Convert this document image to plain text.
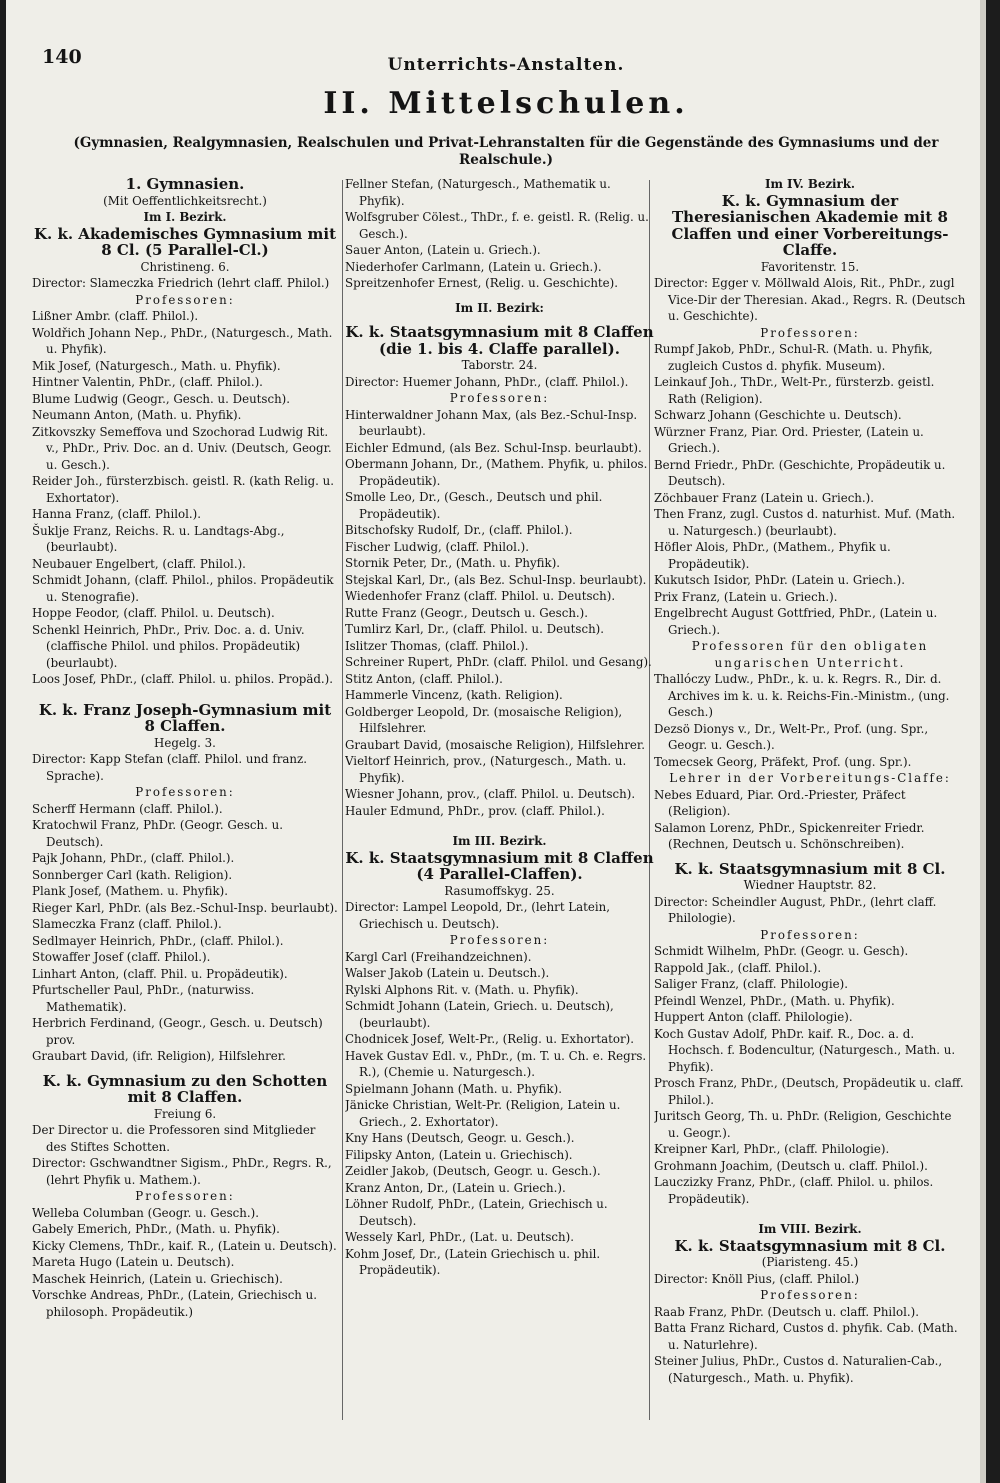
140	Unterrichts-Anstalten.
II. Mittelschulen.
(Gymnasien, Realgymnasien, Realschulen und Privat-Lehranstalten für die Gegenstände des Gymnasiums und der Realschule.)
1. Gymnasien.
(Mit Oeffentlichkeitsrecht.)
Im I. Bezirk.
K. k. Akademisches Gymnasium mit 8 Cl. (5 Parallel-Cl.)
Christineng. 6.
Director: Slameczka Friedrich (lehrt claff. Philol.)
Professoren:
Lißner Ambr. (claff. Philol.).
Woldřich Johann Nep., PhDr., (Naturgesch., Math. u. Phyfik).
Mik Josef, (Naturgesch., Math. u. Phyfik).
Hintner Valentin, PhDr., (claff. Philol.).
Blume Ludwig (Geogr., Gesch. u. Deutsch).
Neumann Anton, (Math. u. Phyfik).
Zitkovszky Semeffova und Szochorad Ludwig Rit. v., PhDr., Priv. Doc. an d. Univ. (Deutsch, Geogr. u. Gesch.).
Reider Joh., fürsterzbisch. geistl. R. (kath Relig. u. Exhortator).
Hanna Franz, (claff. Philol.).
Šuklje Franz, Reichs. R. u. Landtags-Abg., (beurlaubt).
Neubauer Engelbert, (claff. Philol.).
Schmidt Johann, (claff. Philol., philos. Propädeutik u. Stenografie).
Hoppe Feodor, (claff. Philol. u. Deutsch).
Schenkl Heinrich, PhDr., Priv. Doc. a. d. Univ. (claffische Philol. und philos. Propädeutik) (beurlaubt).
Loos Josef, PhDr., (claff. Philol. u. philos. Propäd.).
K. k. Franz Joseph-Gymnasium mit 8 Claffen.
Hegelg. 3.
Director: Kapp Stefan (claff. Philol. und franz. Sprache).
Professoren:
Scherff Hermann (claff. Philol.).
Kratochwil Franz, PhDr. (Geogr. Gesch. u. Deutsch).
Pajk Johann, PhDr., (claff. Philol.).
Sonnberger Carl (kath. Religion).
Plank Josef, (Mathem. u. Phyfik).
Rieger Karl, PhDr. (als Bez.-Schul-Insp. beurlaubt).
Slameczka Franz (claff. Philol.).
Sedlmayer Heinrich, PhDr., (claff. Philol.).
Stowaffer Josef (claff. Philol.).
Linhart Anton, (claff. Phil. u. Propädeutik).
Pfurtscheller Paul, PhDr., (naturwiss. Mathematik).
Herbrich Ferdinand, (Geogr., Gesch. u. Deutsch) prov.
Graubart David, (ifr. Religion), Hilfslehrer.
K. k. Gymnasium zu den Schotten mit 8 Claffen.
Freiung 6.
Der Director u. die Professoren sind Mitglieder des Stiftes Schotten.
Director: Gschwandtner Sigism., PhDr., Regrs. R., (lehrt Phyfik u. Mathem.).
Professoren:
Welleba Columban (Geogr. u. Gesch.).
Gabely Emerich, PhDr., (Math. u. Phyfik).
Kicky Clemens, ThDr., kaif. R., (Latein u. Deutsch).
Mareta Hugo (Latein u. Deutsch).
Maschek Heinrich, (Latein u. Griechisch).
Vorschke Andreas, PhDr., (Latein, Griechisch u. philosoph. Propädeutik.)
Fellner Stefan, (Naturgesch., Mathematik u. Phyfik).
Wolfsgruber Cölest., ThDr., f. e. geistl. R. (Relig. u. Gesch.).
Sauer Anton, (Latein u. Griech.).
Niederhofer Carlmann, (Latein u. Griech.).
Spreitzenhofer Ernest, (Relig. u. Geschichte).
Im II. Bezirk:
K. k. Staatsgymnasium mit 8 Claffen (die 1. bis 4. Claffe parallel).
Taborstr. 24.
Director: Huemer Johann, PhDr., (claff. Philol.).
Professoren:
Hinterwaldner Johann Max, (als Bez.-Schul-Insp. beurlaubt).
Eichler Edmund, (als Bez. Schul-Insp. beurlaubt).
Obermann Johann, Dr., (Mathem. Phyfik, u. philos. Propädeutik).
Smolle Leo, Dr., (Gesch., Deutsch und phil. Propädeutik).
Bitschofsky Rudolf, Dr., (claff. Philol.).
Fischer Ludwig, (claff. Philol.).
Stornik Peter, Dr., (Math. u. Phyfik).
Stejskal Karl, Dr., (als Bez. Schul-Insp. beurlaubt).
Wiedenhofer Franz (claff. Philol. u. Deutsch).
Rutte Franz (Geogr., Deutsch u. Gesch.).
Tumlirz Karl, Dr., (claff. Philol. u. Deutsch).
Islitzer Thomas, (claff. Philol.).
Schreiner Rupert, PhDr. (claff. Philol. und Gesang).
Stitz Anton, (claff. Philol.).
Hammerle Vincenz, (kath. Religion).
Goldberger Leopold, Dr. (mosaische Religion), Hilfslehrer.
Graubart David, (mosaische Religion), Hilfslehrer.
Vieltorf Heinrich, prov., (Naturgesch., Math. u. Phyfik).
Wiesner Johann, prov., (claff. Philol. u. Deutsch).
Hauler Edmund, PhDr., prov. (claff. Philol.).
Im III. Bezirk.
K. k. Staatsgymnasium mit 8 Claffen (4 Parallel-Claffen).
Rasumoffskyg. 25.
Director: Lampel Leopold, Dr., (lehrt Latein, Griechisch u. Deutsch).
Professoren:
Kargl Carl (Freihandzeichnen).
Walser Jakob (Latein u. Deutsch.).
Rylski Alphons Rit. v. (Math. u. Phyfik).
Schmidt Johann (Latein, Griech. u. Deutsch), (beurlaubt).
Chodnicek Josef, Welt-Pr., (Relig. u. Exhortator).
Havek Gustav Edl. v., PhDr., (m. T. u. Ch. e. Regrs. R.), (Chemie u. Naturgesch.).
Spielmann Johann (Math. u. Phyfik).
Jänicke Christian, Welt-Pr. (Religion, Latein u. Griech., 2. Exhortator).
Kny Hans (Deutsch, Geogr. u. Gesch.).
Filipsky Anton, (Latein u. Griechisch).
Zeidler Jakob, (Deutsch, Geogr. u. Gesch.).
Kranz Anton, Dr., (Latein u. Griech.).
Löhner Rudolf, PhDr., (Latein, Griechisch u. Deutsch).
Wessely Karl, PhDr., (Lat. u. Deutsch).
Kohm Josef, Dr., (Latein Griechisch u. phil. Propädeutik).
Im IV. Bezirk.
K. k. Gymnasium der Theresianischen Akademie mit 8 Claffen und einer Vorbereitungs-Claffe.
Favoritenstr. 15.
Director: Egger v. Möllwald Alois, Rit., PhDr., zugl Vice-Dir der Theresian. Akad., Regrs. R. (Deutsch u. Geschichte).
Professoren:
Rumpf Jakob, PhDr., Schul-R. (Math. u. Phyfik, zugleich Custos d. phyfik. Museum).
Leinkauf Joh., ThDr., Welt-Pr., fürsterzb. geistl. Rath (Religion).
Schwarz Johann (Geschichte u. Deutsch).
Würzner Franz, Piar. Ord. Priester, (Latein u. Griech.).
Bernd Friedr., PhDr. (Geschichte, Propädeutik u. Deutsch).
Zöchbauer Franz (Latein u. Griech.).
Then Franz, zugl. Custos d. naturhist. Muf. (Math. u. Naturgesch.) (beurlaubt).
Höfler Alois, PhDr., (Mathem., Phyfik u. Propädeutik).
Kukutsch Isidor, PhDr. (Latein u. Griech.).
Prix Franz, (Latein u. Griech.).
Engelbrecht August Gottfried, PhDr., (Latein u. Griech.).
Professoren für den obligaten ungarischen Unterricht.
Thallóczy Ludw., PhDr., k. u. k. Regrs. R., Dir. d. Archives im k. u. k. Reichs-Fin.-Ministm., (ung. Gesch.)
Dezsö Dionys v., Dr., Welt-Pr., Prof. (ung. Spr., Geogr. u. Gesch.).
Tomecsek Georg, Präfekt, Prof. (ung. Spr.).
Lehrer in der Vorbereitungs-Claffe:
Nebes Eduard, Piar. Ord.-Priester, Präfect (Religion).
Salamon Lorenz, PhDr., Spickenreiter Friedr. (Rechnen, Deutsch u. Schönschreiben).
K. k. Staatsgymnasium mit 8 Cl.
Wiedner Hauptstr. 82.
Director: Scheindler August, PhDr., (lehrt claff. Philologie).
Professoren:
Schmidt Wilhelm, PhDr. (Geogr. u. Gesch).
Rappold Jak., (claff. Philol.).
Saliger Franz, (claff. Philologie).
Pfeindl Wenzel, PhDr., (Math. u. Phyfik).
Huppert Anton (claff. Philologie).
Koch Gustav Adolf, PhDr. kaif. R., Doc. a. d. Hochsch. f. Bodencultur, (Naturgesch., Math. u. Phyfik).
Prosch Franz, PhDr., (Deutsch, Propädeutik u. claff. Philol.).
Juritsch Georg, Th. u. PhDr. (Religion, Geschichte u. Geogr.).
Kreipner Karl, PhDr., (claff. Philologie).
Grohmann Joachim, (Deutsch u. claff. Philol.).
Lauczizky Franz, PhDr., (claff. Philol. u. philos. Propädeutik).
Im VIII. Bezirk.
K. k. Staatsgymnasium mit 8 Cl.
(Piaristeng. 45.)
Director: Knöll Pius, (claff. Philol.)
Professoren:
Raab Franz, PhDr. (Deutsch u. claff. Philol.).
Batta Franz Richard, Custos d. phyfik. Cab. (Math. u. Naturlehre).
Steiner Julius, PhDr., Custos d. Naturalien-Cab., (Naturgesch., Math. u. Phyfik).
